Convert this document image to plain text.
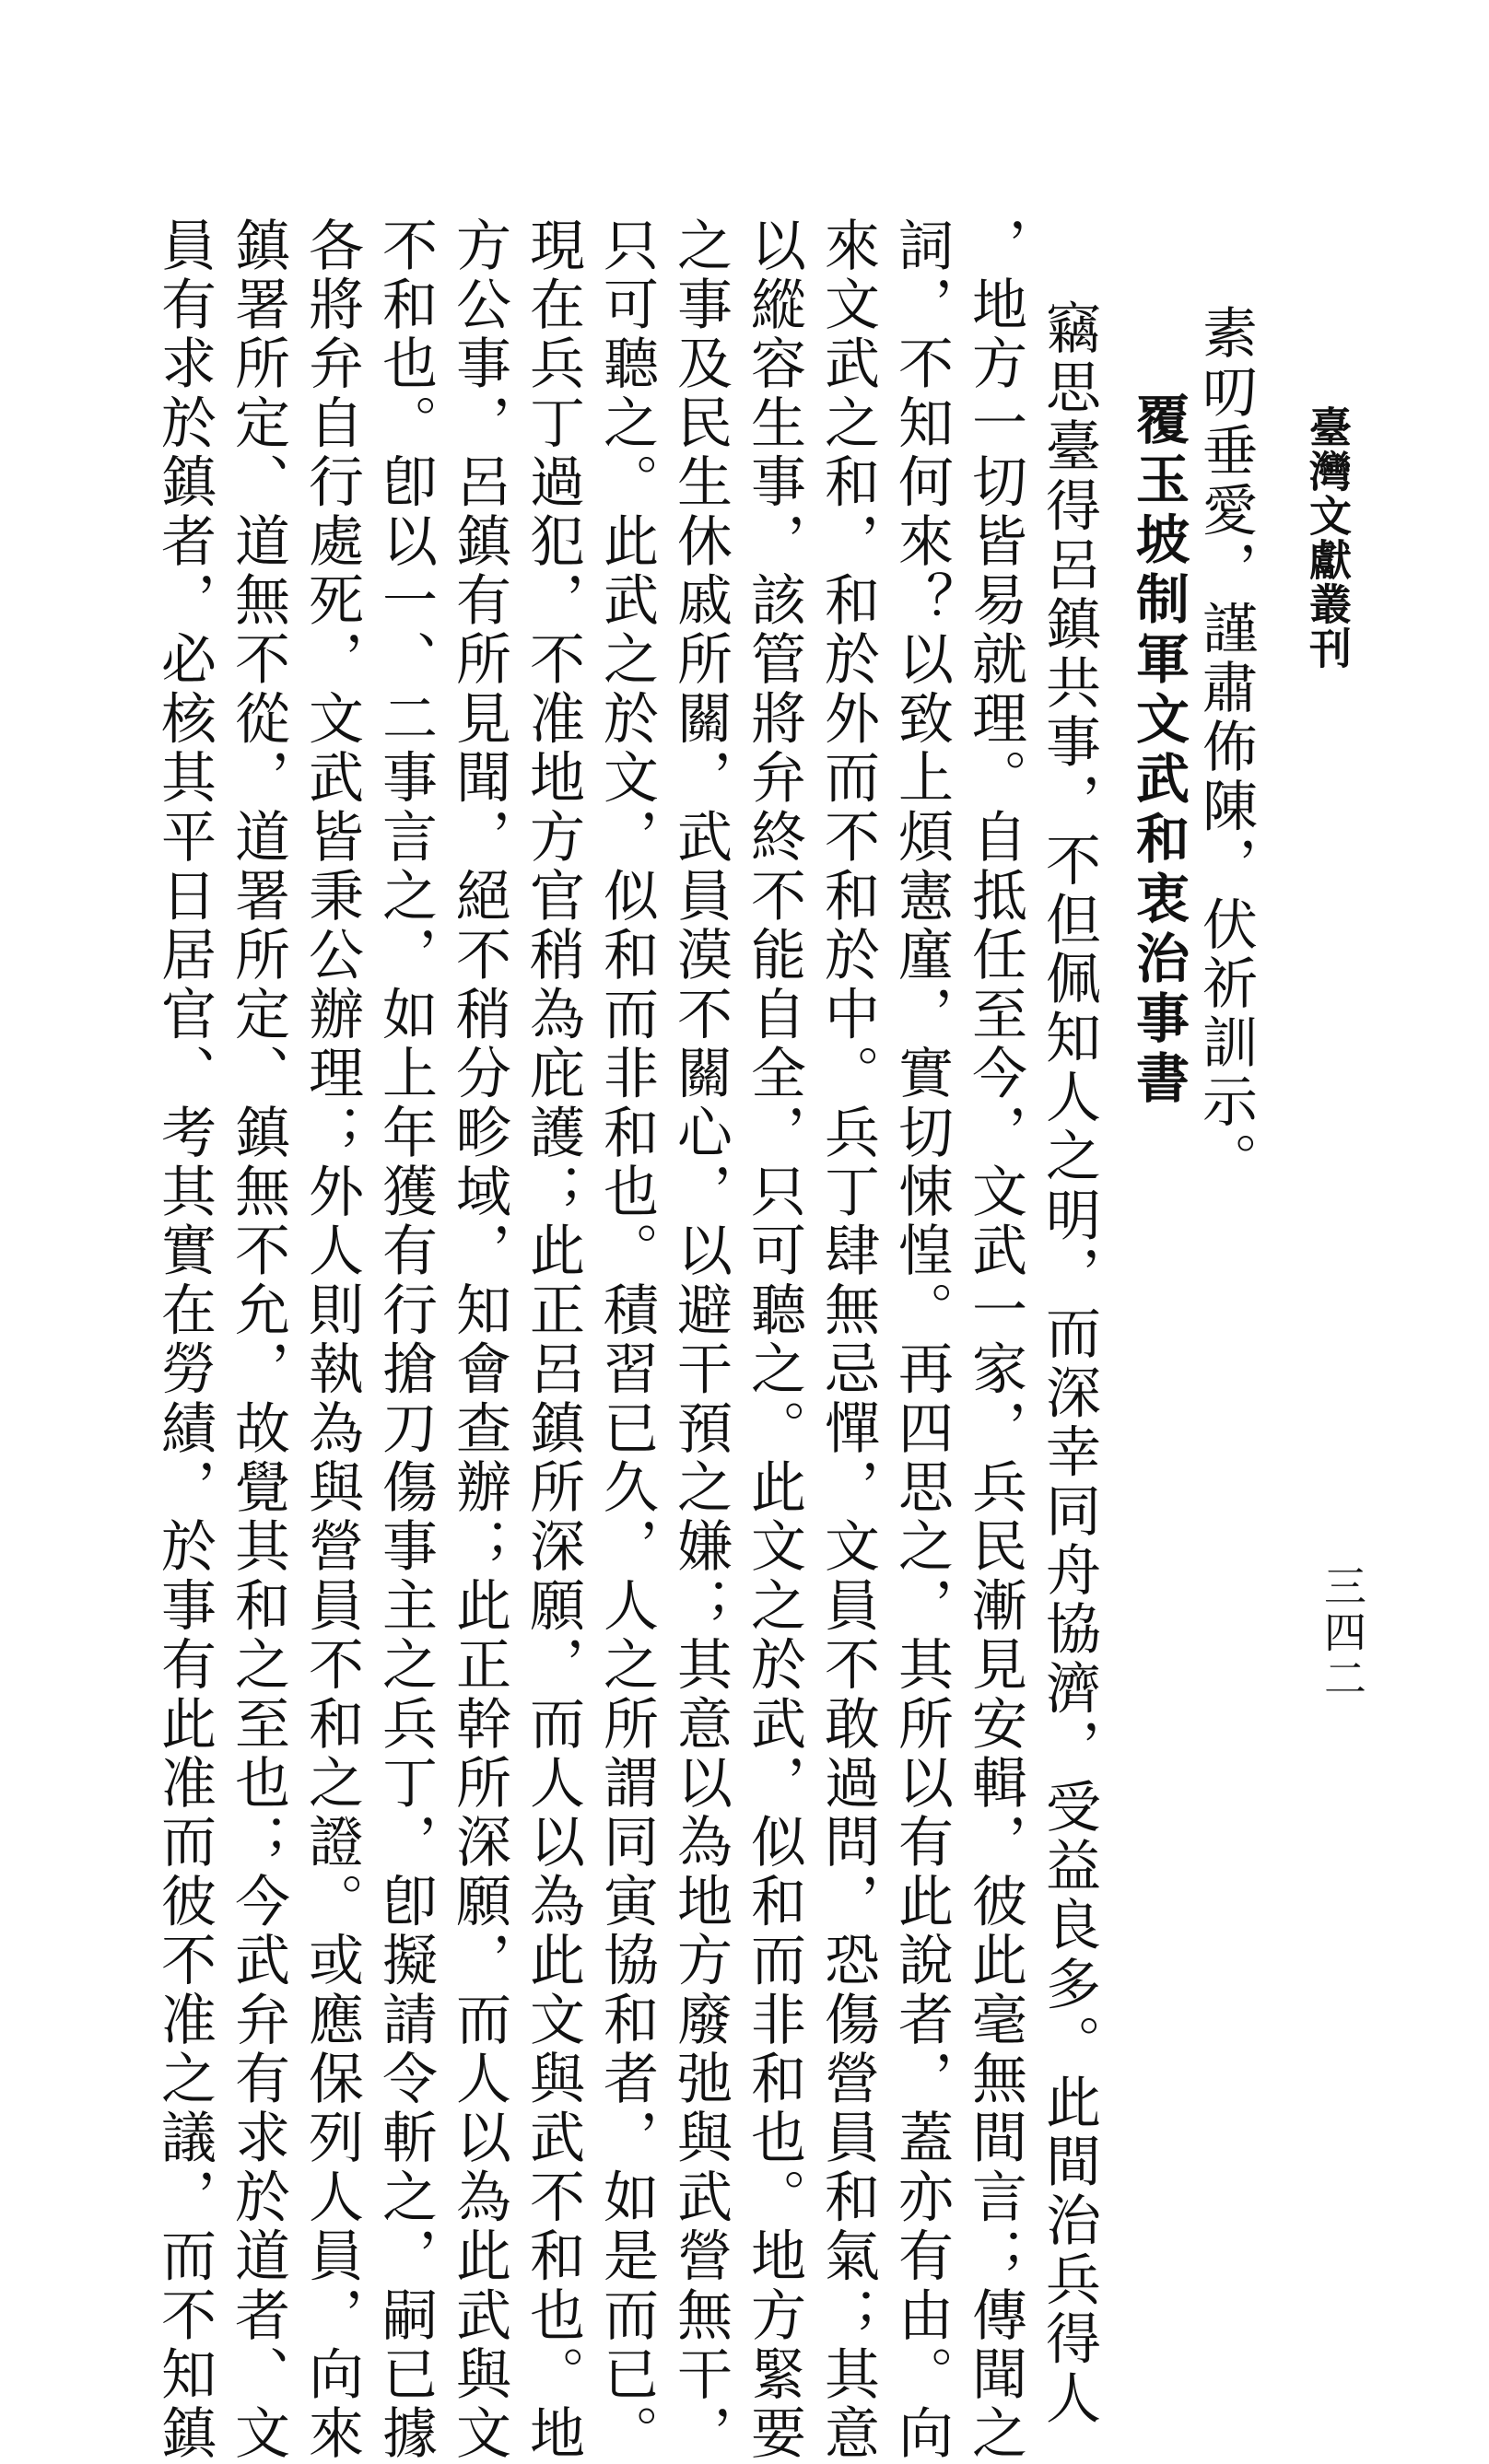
臺灣文獻叢刊
三四二
素叨垂愛，謹肅佈陳，伏祈訓示。
覆玉坡制軍文武和衷治事書
竊思臺得呂鎮共事，不但佩知人之明，而深幸同舟協濟，受益良多。此間治兵得人
，地方一切皆易就理。自抵任至今，文武一家，兵民漸見安輯，彼此毫無間言；傳聞之
詞，不知何來？以致上煩憲廑，實切悚惶。再四思之，其所以有此說者，蓋亦有由。向
來文武之和，和於外而不和於中。兵丁肆無忌憚，文員不敢過問，恐傷營員和氣；其意
以縱容生事，該管將弁終不能自全，只可聽之。此文之於武，似和而非和也。地方緊要
之事及民生休戚所關，武員漠不關心，以避干預之嫌；其意以為地方廢弛與武營無干，
只可聽之。此武之於文，似和而非和也。積習已久，人之所謂同寅協和者，如是而已。
現在兵丁過犯，不准地方官稍為庇護；此正呂鎮所深願，而人以為此文與武不和也。地
方公事，呂鎮有所見聞，絕不稍分畛域，知會查辦；此正幹所深願，而人以為此武與文
不和也。卽以一、二事言之，如上年獲有行搶刀傷事主之兵丁，卽擬請令斬之，嗣已據
各將弁自行處死，文武皆秉公辦理；外人則執為與營員不和之證。或應保列人員，向來
鎮署所定、道無不從，道署所定、鎮無不允，故覺其和之至也；今武弁有求於道者、文
員有求於鎮者，必核其平日居官、考其實在勞績，於事有此准而彼不准之議，而不知鎮
